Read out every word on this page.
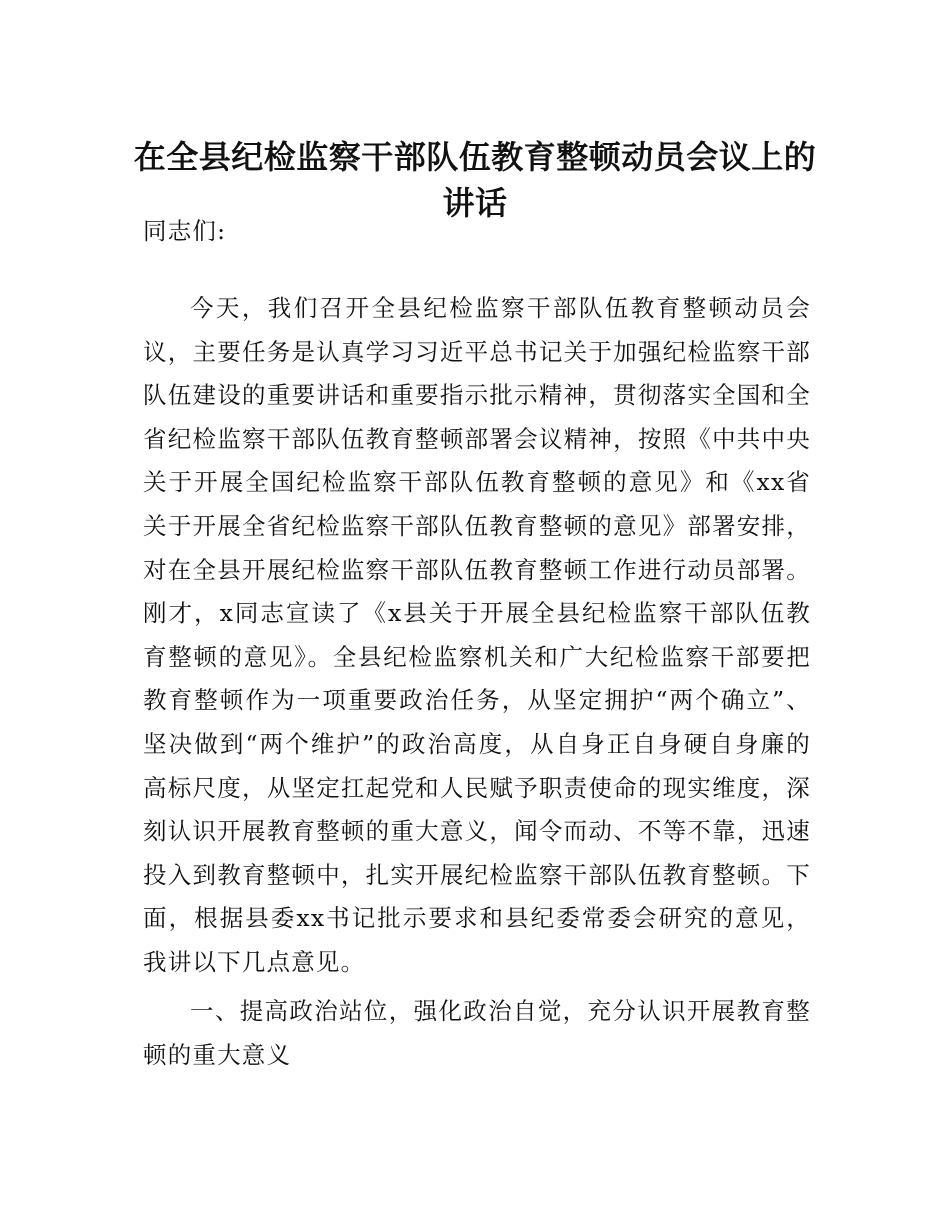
在全县纪检监察干部队伍教育整顿动员会议上的讲话

同志们:

今天，我们召开全县纪检监察干部队伍教育整顿动员会议，主要任务是认真学习习近平总书记关于加强纪检监察干部队伍建设的重要讲话和重要指示批示精神，贯彻落实全国和全省纪检监察干部队伍教育整顿部署会议精神，按照《中共中央关于开展全国纪检监察干部队伍教育整顿的意见》和《xx省关于开展全省纪检监察干部队伍教育整顿的意见》部署安排，对在全县开展纪检监察干部队伍教育整顿工作进行动员部署。刚才，x同志宣读了《x县关于开展全县纪检监察干部队伍教育整顿的意见》。全县纪检监察机关和广大纪检监察干部要把教育整顿作为一项重要政治任务，从坚定拥护“两个确立”、坚决做到“两个维护”的政治高度，从自身正自身硬自身廉的高标尺度，从坚定扛起党和人民赋予职责使命的现实维度，深刻认识开展教育整顿的重大意义，闻令而动、不等不靠，迅速投入到教育整顿中，扎实开展纪检监察干部队伍教育整顿。下面，根据县委xx书记批示要求和县纪委常委会研究的意见，我讲以下几点意见。

一、提高政治站位，强化政治自觉，充分认识开展教育整顿的重大意义
